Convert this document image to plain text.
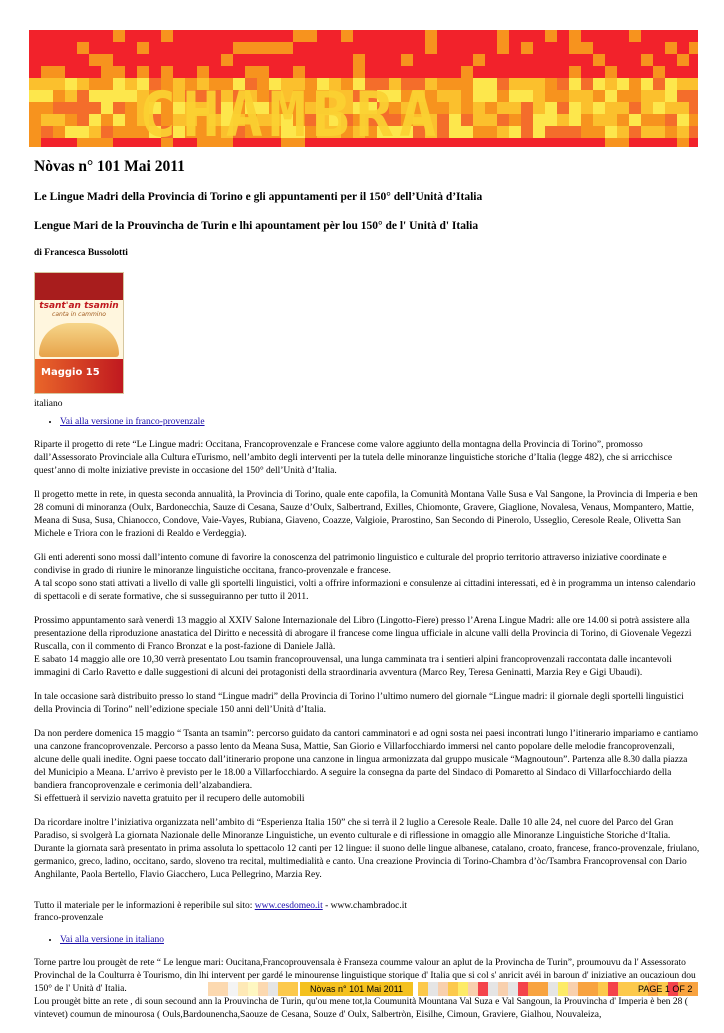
CHAMBRA
Nòvas n° 101 Mai 2011
Le Lingue Madri della Provincia di Torino e gli appuntamenti per il 150° dell’Unità d’Italia
Lengue Mari de la Prouvincha de Turin e lhi apountament pèr lou 150° de l' Unità d' Italia
di Francesca Bussolotti
tsant'an tsamin
canta in cammino
Maggio 15
italiano
• Vai alla versione in franco-provenzale

Riparte il progetto di rete “Le Lingue madri: Occitana, Francoprovenzale e Francese come valore aggiunto della montagna della Provincia di Torino”, promosso dall’Assessorato Provinciale alla Cultura eTurismo, nell’ambito degli interventi per la tutela delle minoranze linguistiche storiche d’Italia (legge 482), che si arricchisce quest’anno di molte iniziative previste in occasione del 150° dell’Unità d’Italia.

Il progetto mette in rete, in questa seconda annualità, la Provincia di Torino, quale ente capofila, la Comunità Montana Valle Susa e Val Sangone, la Provincia di Imperia e ben 28 comuni di minoranza (Oulx, Bardonecchia, Sauze di Cesana, Sauze d’Oulx, Salbertrand, Exilles, Chiomonte, Gravere, Giaglione, Novalesa, Venaus, Mompantero, Mattie, Meana di Susa, Susa, Chianocco, Condove, Vaie-Vayes, Rubiana, Giaveno, Coazze, Valgioie, Prarostino, San Secondo di Pinerolo, Usseglio, Ceresole Reale, Olivetta San Michele e Triora con le frazioni di Realdo e Verdeggia).

Gli enti aderenti sono mossi dall’intento comune di favorire la conoscenza del patrimonio linguistico e culturale del proprio territorio attraverso iniziative coordinate e condivise in grado di riunire le minoranze linguistiche occitana, franco-provenzale e francese.
A tal scopo sono stati attivati a livello di valle gli sportelli linguistici, volti a offrire informazioni e consulenze ai cittadini interessati, ed è in programma un intenso calendario di spettacoli e di serate formative, che si susseguiranno per tutto il 2011.

Prossimo appuntamento sarà venerdì 13 maggio al XXIV Salone Internazionale del Libro (Lingotto-Fiere) presso l’Arena Lingue Madri: alle ore 14.00 si potrà assistere alla presentazione della riproduzione anastatica del Diritto e necessità di abrogare il francese come lingua ufficiale in alcune valli della Provincia di Torino, di Giovenale Vegezzi Ruscalla, con il commento di Franco Bronzat e la post-fazione di Daniele Jallà.
E sabato 14 maggio alle ore 10,30 verrà presentato Lou tsamin francoprouvensal, una lunga camminata tra i sentieri alpini francoprovenzali raccontata dalle incantevoli immagini di Carlo Ravetto e dalle suggestioni di alcuni dei protagonisti della straordinaria avventura (Marco Rey, Teresa Geninatti, Marzia Rey e Gigi Ubaudi).

In tale occasione sarà distribuito presso lo stand “Lingue madri” della Provincia di Torino l’ultimo numero del giornale “Lingue madri: il giornale degli sportelli linguistici della Provincia di Torino” nell’edizione speciale 150 anni dell’Unità d’Italia.

Da non perdere domenica 15 maggio “ Tsanta an tsamin”: percorso guidato da cantori camminatori e ad ogni sosta nei paesi incontrati lungo l’itinerario impariamo e cantiamo una canzone francoprovenzale. Percorso a passo lento da Meana Susa, Mattie, San Giorio e Villarfocchiardo immersi nel canto popolare delle melodie francoprovenzali, alcune delle quali inedite. Ogni paese toccato dall’itinerario propone una canzone in lingua armonizzata dal gruppo musicale “Magnoutoun”. Partenza alle 8.30 dalla piazza del Municipio a Meana. L’arrivo è previsto per le 18.00 a Villarfocchiardo. A seguire la consegna da parte del Sindaco di Pomaretto al Sindaco di Villarfocchiardo della bandiera francoprovenzale e cerimonia dell’alzabandiera.
Si effettuerà il servizio navetta gratuito per il recupero delle automobili

Da ricordare inoltre l’iniziativa organizzata nell’ambito di “Esperienza Italia 150” che si terrà il 2 luglio a Ceresole Reale. Dalle 10 alle 24, nel cuore del Parco del Gran Paradiso, si svolgerà La giornata Nazionale delle Minoranze Linguistiche, un evento culturale e di riflessione in omaggio alle Minoranze Linguistiche Storiche d‘Italia. Durante la giornata sarà presentato in prima assoluta lo spettacolo 12 canti per 12 lingue: il suono delle lingue albanese, catalano, croato, francese, franco-provenzale, friulano, germanico, greco, ladino, occitano, sardo, sloveno tra recital, multimedialità e canto. Una creazione Provincia di Torino-Chambra d’òc/Tsambra Francoprovensal con Dario Anghilante, Paola Bertello, Flavio Giacchero, Luca Pellegrino, Marzia Rey.

Tutto il materiale per le informazioni è reperibile sul sito: www.cesdomeo.it - www.chambradoc.it

franco-provenzale
• Vai alla versione in italiano

Torne partre lou prougèt de rete “ Le lengue mari: Oucitana,Francoprouvensala è Franseza coumme valour an aplut de la Provincha de Turin”, proumouvu da l' Assessorato Provinchal de la Coulturra è Tourismo, din lhi intervent per gardé le minourense linguistique storique d' Italia que si col s' anricit avéi in baroun d' iniziative an oucazioun dou 150° de l' Unità d' Italia.
Lou prougèt bitte an rete , di soun secound ann la Prouvincha de Turin, qu'ou mene tot,la Coumunità Mountana Val Suza e Val Sangoun, la Prouvincha d' Imperia è ben 28 ( vintevet) coumun de minourosa ( Ouls,Bardounencha,Saouze de Cesana, Souze d' Oulx, Salbertròn, Eisilhe, Cimoun, Graviere, Gialhou, Nouvaleiza,

Nòvas n° 101 Mai 2011	PAGE 1 OF 2
